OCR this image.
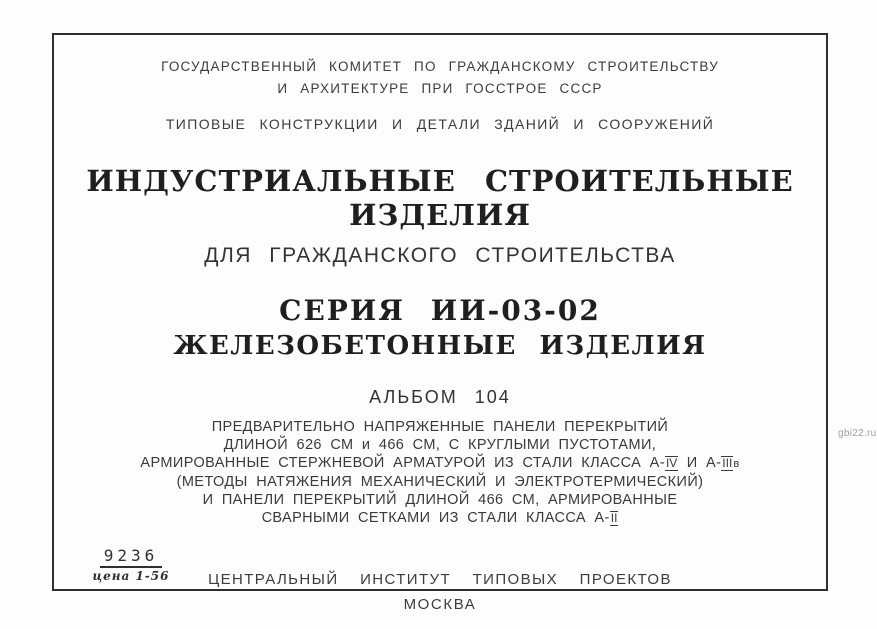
ГОСУДАРСТВЕННЫЙ КОМИТЕТ ПО ГРАЖДАНСКОМУ СТРОИТЕЛЬСТВУ
И АРХИТЕКТУРЕ ПРИ ГОССТРОЕ СССР
ТИПОВЫЕ КОНСТРУКЦИИ И ДЕТАЛИ ЗДАНИЙ И СООРУЖЕНИЙ
ИНДУСТРИАЛЬНЫЕ СТРОИТЕЛЬНЫЕ ИЗДЕЛИЯ
ДЛЯ ГРАЖДАНСКОГО СТРОИТЕЛЬСТВА
СЕРИЯ ИИ-03-02
ЖЕЛЕЗОБЕТОННЫЕ ИЗДЕЛИЯ
АЛЬБОМ 104
ПРЕДВАРИТЕЛЬНО НАПРЯЖЕННЫЕ ПАНЕЛИ ПЕРЕКРЫТИЙ
ДЛИНОЙ 626 СМ и 466 СМ, С КРУГЛЫМИ ПУСТОТАМИ,
АРМИРОВАННЫЕ СТЕРЖНЕВОЙ АРМАТУРОЙ ИЗ СТАЛИ КЛАССА А-IV И А-IIIв
(МЕТОДЫ НАТЯЖЕНИЯ МЕХАНИЧЕСКИЙ И ЭЛЕКТРОТЕРМИЧЕСКИЙ)
И ПАНЕЛИ ПЕРЕКРЫТИЙ ДЛИНОЙ 466 СМ, АРМИРОВАННЫЕ
СВАРНЫМИ СЕТКАМИ ИЗ СТАЛИ КЛАССА А-II
ЦЕНТРАЛЬНЫЙ ИНСТИТУТ ТИПОВЫХ ПРОЕКТОВ
МОСКВА
9236
цена 1-56
gbi22.ru
